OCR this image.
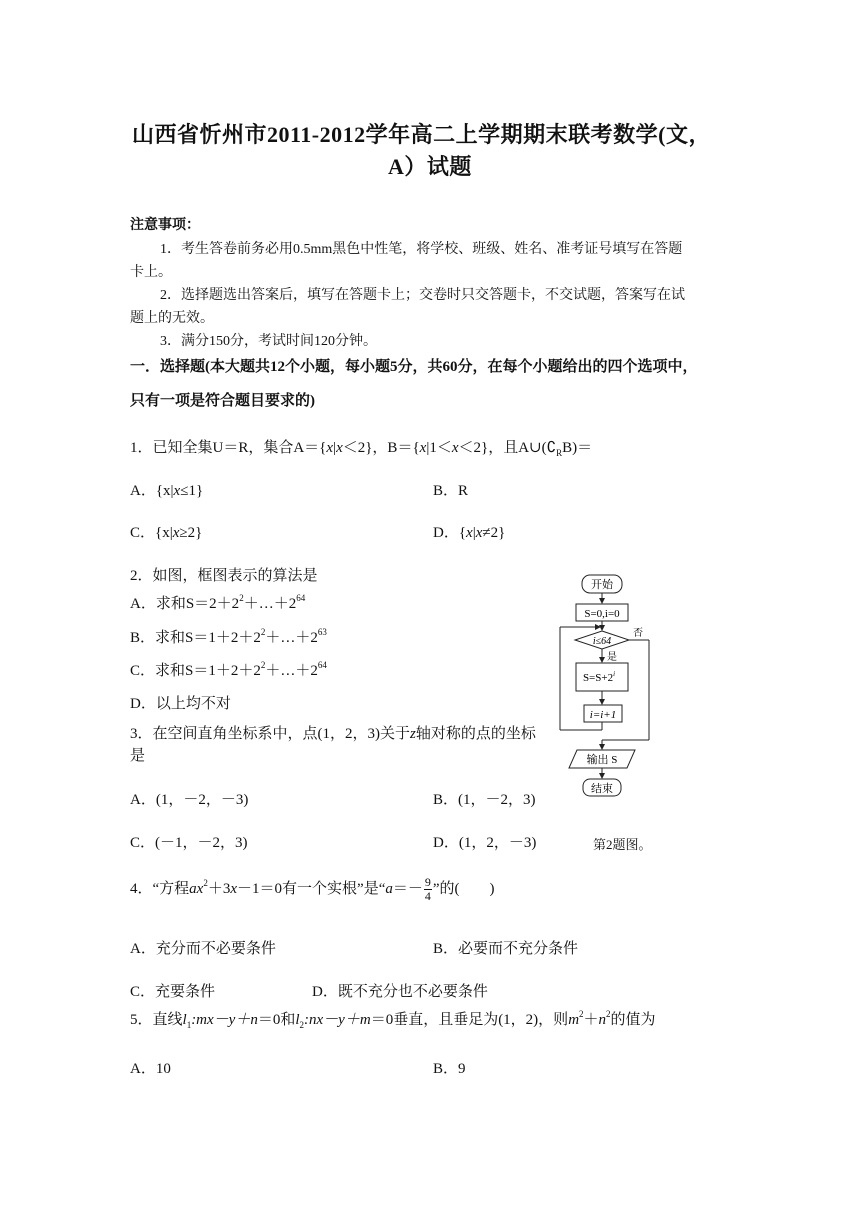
山西省忻州市2011-2012学年高二上学期期末联考数学(文，
A）试题
注意事项：
1．考生答卷前务必用0.5mm黑色中性笔，将学校、班级、姓名、准考证号填写在答题
卡上。
2．选择题选出答案后，填写在答题卡上；交卷时只交答题卡，不交试题，答案写在试
题上的无效。
3．满分150分，考试时间120分钟。
一．选择题(本大题共12个小题，每小题5分，共60分，在每个小题给出的四个选项中，
只有一项是符合题目要求的)
1．已知全集U＝R，集合A＝{x|x＜2}，B＝{x|1＜x＜2}，且$A\cup(∁_RB)=$
A．{x|x≤1}	B．R
C．{x|x≥2}	D．{x|x≠2}
2．如图，框图表示的算法是
A．求和$S=2+2^2+\dots+2^{64}$
B．求和$S=1+2+2^2+\dots+2^{63}$
C．求和$S=1+2+2^2+\dots+2^{64}$
D．以上均不对
3．在空间直角坐标系中，点(1，2，3)关于z轴对称的点的坐标
是
A．(1，－2，－3)	B．(1，－2，3)
C．(－1，－2，3)	D．(1，2，－3)
开始
S=0,i=0
i≤64
否
是
$S=S+2^i$
i=i+1
输出 S
结束
第2题图。
4．“方程$ax^2+3x-1=0$有一个实根”是“$a=- \frac{9}{4}$ ”的(　　)
A．充分而不必要条件	B．必要而不充分条件
C．充要条件	D．既不充分也不必要条件
5．直线$l_1:mx-y+n=0$和$l_2:nx-y+m=0$垂直，且垂足为(1，2)，则$m^2+n^2$的值为
A．10	B．9
